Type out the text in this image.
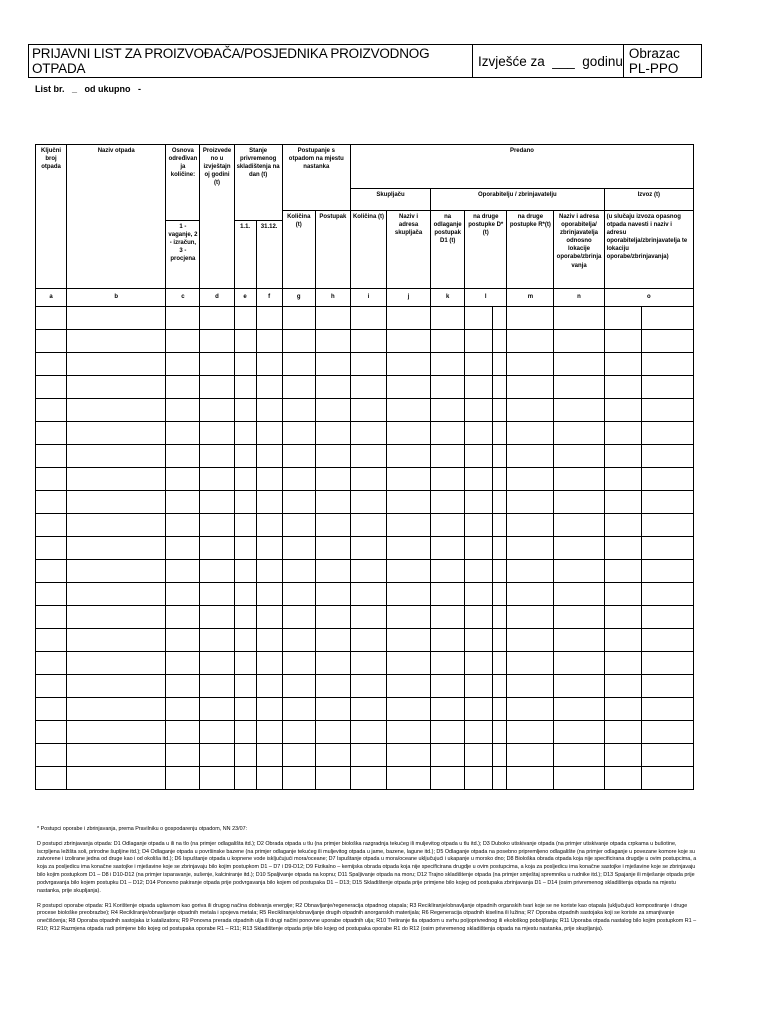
PRIJAVNI LIST ZA PROIZVOĐAČA/POSJEDNIKA PROIZVODNOG OTPADA	Izvješće za  ___  godinu Obrazac PL-PPO
List br.   _   od ukupno   -
Ključni broj otpada	Naziv otpada	Osnova određivanja količine:	Proizvedeno u izvještajnoj godini (t)	Stanje privremenog skladištenja na dan (t)		Postupanje s otpadom na mjestu nastanka		Predano								
								Skupljaču		Oporabitelju / zbrinjavatelju					Izvoz (t)	
						Količina (t)	Postupak	Količina (t)	Naziv i adresa skupljača	na odlaganje postupak D1 (t)	na druge postupke D*(t)		na druge postupke R*(t)	Naziv i adresa oporabitelja/ zbrinjavatelja odnosno lokacije oporabe/zbrinjavanja	(u slučaju izvoza opasnog otpada navesti i naziv i adresu oporabitelja/zbrinjavatelja te lokaciju oporabe/zbrinjavanja)	
		1 - vaganje, 2 - izračun, 3 - procjena		1.1.	31.12.											
a	b	c	d	e	f	g	h	i	j	k	l		m	n	o	

* Postupci oporabe i zbrinjavanja, prema Pravilniku o gospodarenju otpadom, NN 23/07:

D postupci zbrinjavanja otpada: D1 Odlaganje otpada u ili na tlo (na primjer odlagališta itd.); D2 Obrada otpada u tlu (na primjer biološka razgradnja tekućeg ili muljevitog otpada u tlu itd.); D3 Duboko utiskivanje otpada (na primjer utiskivanje otpada crpkama u bušotine, iscrpljena ležišta soli, prirodne šupljine itd.); D4 Odlaganje otpada u površinske bazene (na primjer odlaganje tekućeg ili muljevitog otpada u jame, bazene, lagune itd.); D5 Odlaganje otpada na posebno pripremljeno odlagalište (na primjer odlaganje u povezane komore koje su zatvorene i izolirane jedna od druge kao i od okoliša itd.); D6 Ispuštanje otpada u kopnene vode isključujući mora/oceane; D7 Ispuštanje otpada u mora/oceane uključujući i ukapanje u morsko dno; D8 Biološka obrada otpada koja nije specificirana drugdje u ovim postupcima, a koja za posljedicu ima konačne sastojke i mješavine koje se zbrinjavaju bilo kojim postupkom D1 – D7 i D9-D12; D9 Fizikalno – kemijska obrada otpada koja nije specificirana drugdje u ovim postupcima, a koja za posljedicu ima konačne sastojke i mješavine koje se zbrinjavaju bilo kojim postupkom D1 – D8 i D10-D12 (na primjer isparavanje, sušenje, kalciniranje itd.); D10 Spaljivanje otpada na kopnu; D11 Spaljivanje otpada na moru; D12 Trajno skladištenje otpada (na primjer smještaj spremnika u rudnike itd.); D13 Spajanje ili miješanje otpada prije podvrgavanja bilo kojem postupku D1 – D12; D14 Ponovno pakiranje otpada prije podvrgavanja bilo kojem od postupaka D1 – D13; D15 Skladištenje otpada prije primjene bilo kojeg od postupaka zbrinjavanja D1 – D14 (osim privremenog skladištenja otpada na mjestu nastanka, prije skupljanja).

R postupci oporabe otpada: R1 Korištenje otpada uglavnom kao goriva ili drugog načina dobivanja energije; R2 Obnavljanje/regeneracija otpadnog otapala; R3 Recikliranje/obnavljanje otpadnih organskih tvari koje se ne koriste kao otapala (uključujući kompostiranje i druge procese biološke preobrazbe); R4 Recikliranje/obnavljanje otpadnih metala i spojeva metala; R5 Recikliranje/obnavljanje drugih otpadnih anorganskih materijala; R6 Regeneracija otpadnih kiselina ili lužina; R7 Oporaba otpadnih sastojaka koji se koriste za smanjivanje onečišćenja; R8 Oporaba otpadnih sastojaka iz katalizatora; R9 Ponovna prerada otpadnih ulja ili drugi načini ponovne uporabe otpadnih ulja; R10 Tretiranje tla otpadom u svrhu poljoprivrednog ili ekološkog poboljšanja; R11 Uporaba otpada nastalog bilo kojim postupkom R1 – R10; R12 Razmjena otpada radi primjene bilo kojeg od postupaka oporabe R1 – R11; R13 Skladištenje otpada prije bilo kojeg od postupaka oporabe R1 do R12 (osim privremenog skladištenja otpada na mjestu nastanka, prije skupljanja).
